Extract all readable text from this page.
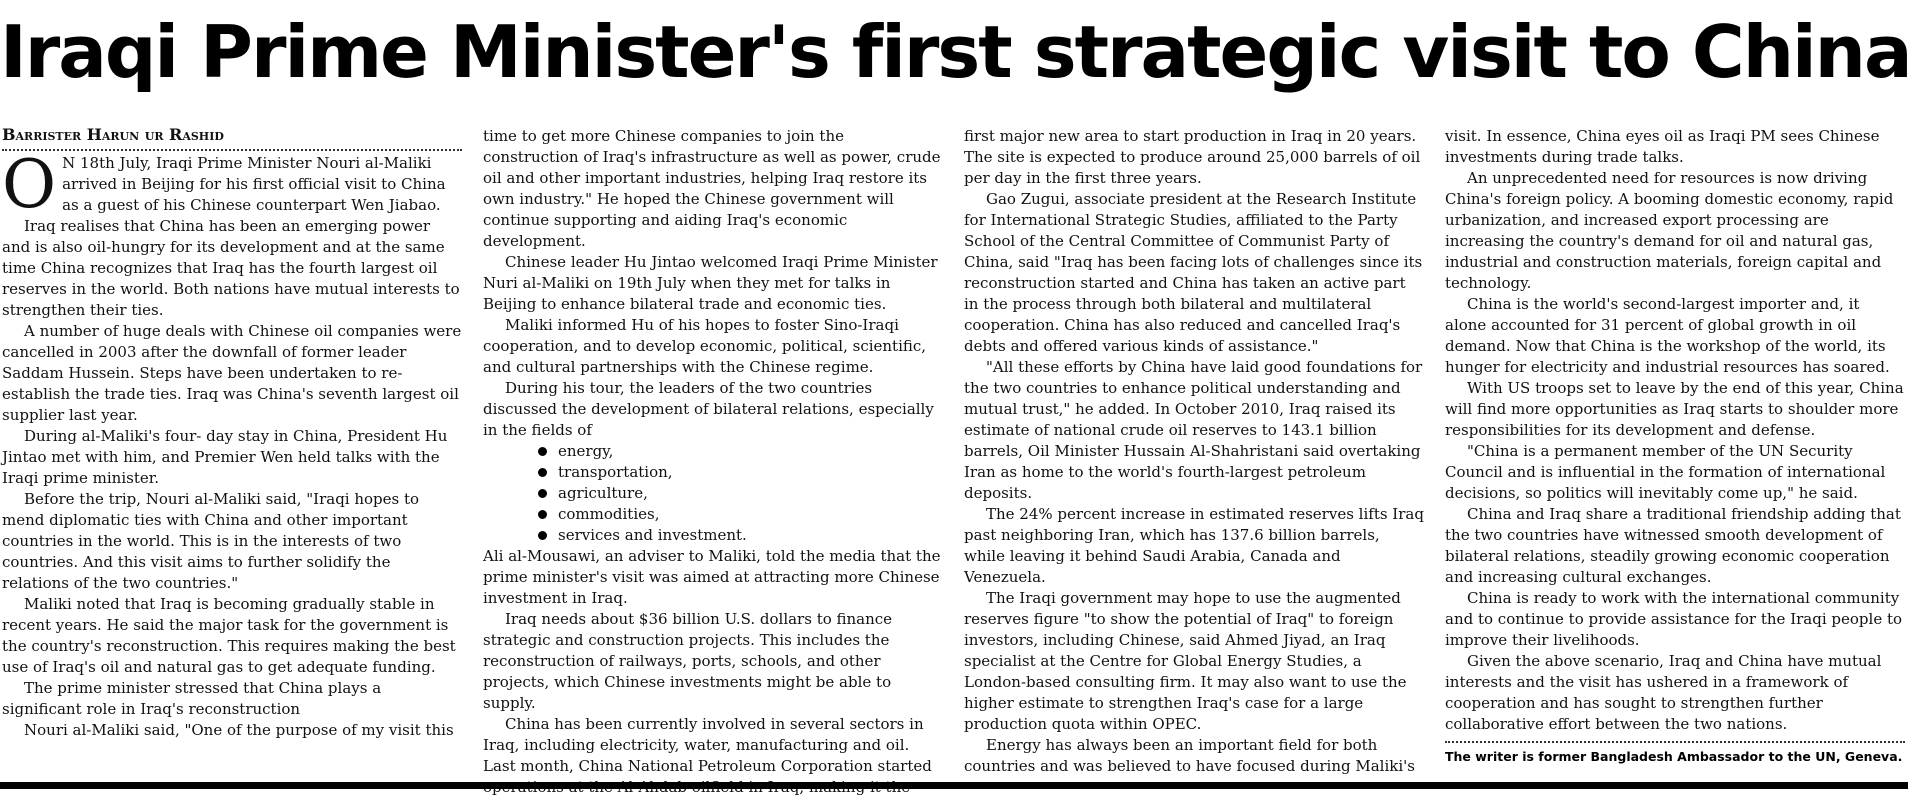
Iraqi Prime Minister's first strategic visit to China
Barrister Harun ur Rashid

O N 18th July, Iraqi Prime Minister Nouri al-Maliki arrived in Beijing for his first official visit to China as a guest of his Chinese counterpart Wen Jiabao.

Iraq realises that China has been an emerging power and is also oil-hungry for its development and at the same time China recognizes that Iraq has the fourth largest oil reserves in the world. Both nations have mutual interests to strengthen their ties.

A number of huge deals with Chinese oil companies were cancelled in 2003 after the downfall of former leader Saddam Hussein. Steps have been undertaken to re-establish the trade ties. Iraq was China's seventh largest oil supplier last year.

During al-Maliki's four- day stay in China, President Hu Jintao met with him, and Premier Wen held talks with the Iraqi prime minister.

Before the trip, Nouri al-Maliki said, "Iraqi hopes to mend diplomatic ties with China and other important countries in the world. This is in the interests of two countries. And this visit aims to further solidify the relations of the two countries."

Maliki noted that Iraq is becoming gradually stable in recent years. He said the major task for the government is the country's reconstruction. This requires making the best use of Iraq's oil and natural gas to get adequate funding.

The prime minister stressed that China plays a significant role in Iraq's reconstruction

Nouri al-Maliki said, "One of the purpose of my visit this

time to get more Chinese companies to join the construction of Iraq's infrastructure as well as power, crude oil and other important industries, helping Iraq restore its own industry." He hoped the Chinese government will continue supporting and aiding Iraq's economic development.

Chinese leader Hu Jintao welcomed Iraqi Prime Minister Nuri al-Maliki on 19th July when they met for talks in Beijing to enhance bilateral trade and economic ties.

Maliki informed Hu of his hopes to foster Sino-Iraqi cooperation, and to develop economic, political, scientific, and cultural partnerships with the Chinese regime.

During his tour, the leaders of the two countries discussed the development of bilateral relations, especially in the fields of

energy,
transportation,
agriculture,
commodities,
services and investment.

Ali al-Mousawi, an adviser to Maliki, told the media that the prime minister's visit was aimed at attracting more Chinese investment in Iraq.

Iraq needs about $36 billion U.S. dollars to finance strategic and construction projects. This includes the reconstruction of railways, ports, schools, and other projects, which Chinese investments might be able to supply.

China has been currently involved in several sectors in Iraq, including electricity, water, manufacturing and oil. Last month, China National Petroleum Corporation started

first major new area to start production in Iraq in 20 years. The site is expected to produce around 25,000 barrels of oil per day in the first three years.

Gao Zugui, associate president at the Research Institute for International Strategic Studies, affiliated to the Party School of the Central Committee of Communist Party of China, said "Iraq has been facing lots of challenges since its reconstruction started and China has taken an active part in the process through both bilateral and multilateral cooperation. China has also reduced and cancelled Iraq's debts and offered various kinds of assistance."

"All these efforts by China have laid good foundations for the two countries to enhance political understanding and mutual trust," he added. In October 2010, Iraq raised its estimate of national crude oil reserves to 143.1 billion barrels, Oil Minister Hussain Al-Shahristani said overtaking Iran as home to the world's fourth-largest petroleum deposits.

The 24% percent increase in estimated reserves lifts Iraq past neighboring Iran, which has 137.6 billion barrels, while leaving it behind Saudi Arabia, Canada and Venezuela.

The Iraqi government may hope to use the augmented reserves figure "to show the potential of Iraq" to foreign investors, including Chinese, said Ahmed Jiyad, an Iraq specialist at the Centre for Global Energy Studies, a London-based consulting firm. It may also want to use the higher estimate to strengthen Iraq's case for a large production quota within OPEC.

Energy has always been an important field for both countries and was believed to have focused during Maliki's

visit. In essence, China eyes oil as Iraqi PM sees Chinese investments during trade talks.

An unprecedented need for resources is now driving China's foreign policy. A booming domestic economy, rapid urbanization, and increased export processing are increasing the country's demand for oil and natural gas, industrial and construction materials, foreign capital and technology.

China is the world's second-largest importer and, it alone accounted for 31 percent of global growth in oil demand. Now that China is the workshop of the world, its hunger for electricity and industrial resources has soared.

With US troops set to leave by the end of this year, China will find more opportunities as Iraq starts to shoulder more responsibilities for its development and defense.

"China is a permanent member of the UN Security Council and is influential in the formation of international decisions, so politics will inevitably come up," he said.

China and Iraq share a traditional friendship adding that the two countries have witnessed smooth development of bilateral relations, steadily growing economic cooperation and increasing cultural exchanges.

China is ready to work with the international community and to continue to provide assistance for the Iraqi people to improve their livelihoods.

Given the above scenario, Iraq and China have mutual interests and the visit has ushered in a framework of cooperation and has sought to strengthen further collaborative effort between the two nations.

The writer is former Bangladesh Ambassador to the UN, Geneva.
